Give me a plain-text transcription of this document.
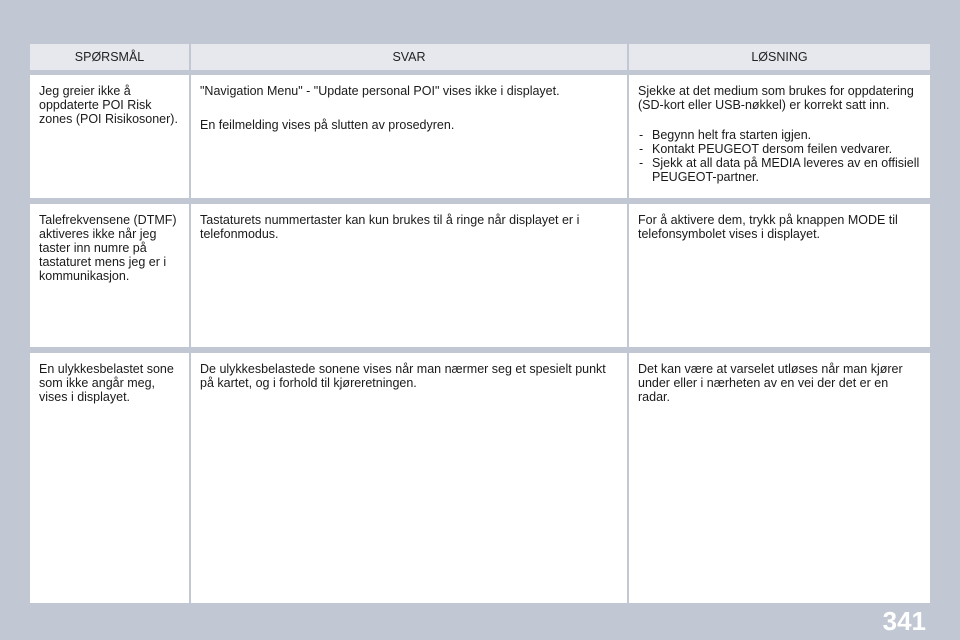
SPØRSMÅL	SVAR	LØSNING

Jeg greier ikke å oppdaterte POI Risk zones (POI Risikosoner).

"Navigation Menu" - "Update personal POI" vises ikke i displayet.

En feilmelding vises på slutten av prosedyren.

Sjekke at det medium som brukes for oppdatering (SD-kort eller USB-nøkkel) er korrekt satt inn.

- Begynn helt fra starten igjen.
- Kontakt PEUGEOT dersom feilen vedvarer.
- Sjekk at all data på MEDIA leveres av en offisiell PEUGEOT-partner.

Talefrekvensene (DTMF) aktiveres ikke når jeg taster inn numre på tastaturet mens jeg er i kommunikasjon.

Tastaturets nummertaster kan kun brukes til å ringe når displayet er i telefonmodus.

For å aktivere dem, trykk på knappen MODE til telefonsymbolet vises i displayet.

En ulykkesbelastet sone som ikke angår meg, vises i displayet.

De ulykkesbelastede sonene vises når man nærmer seg et spesielt punkt på kartet, og i forhold til kjøreretningen.

Det kan være at varselet utløses når man kjører under eller i nærheten av en vei der det er en radar.

341
